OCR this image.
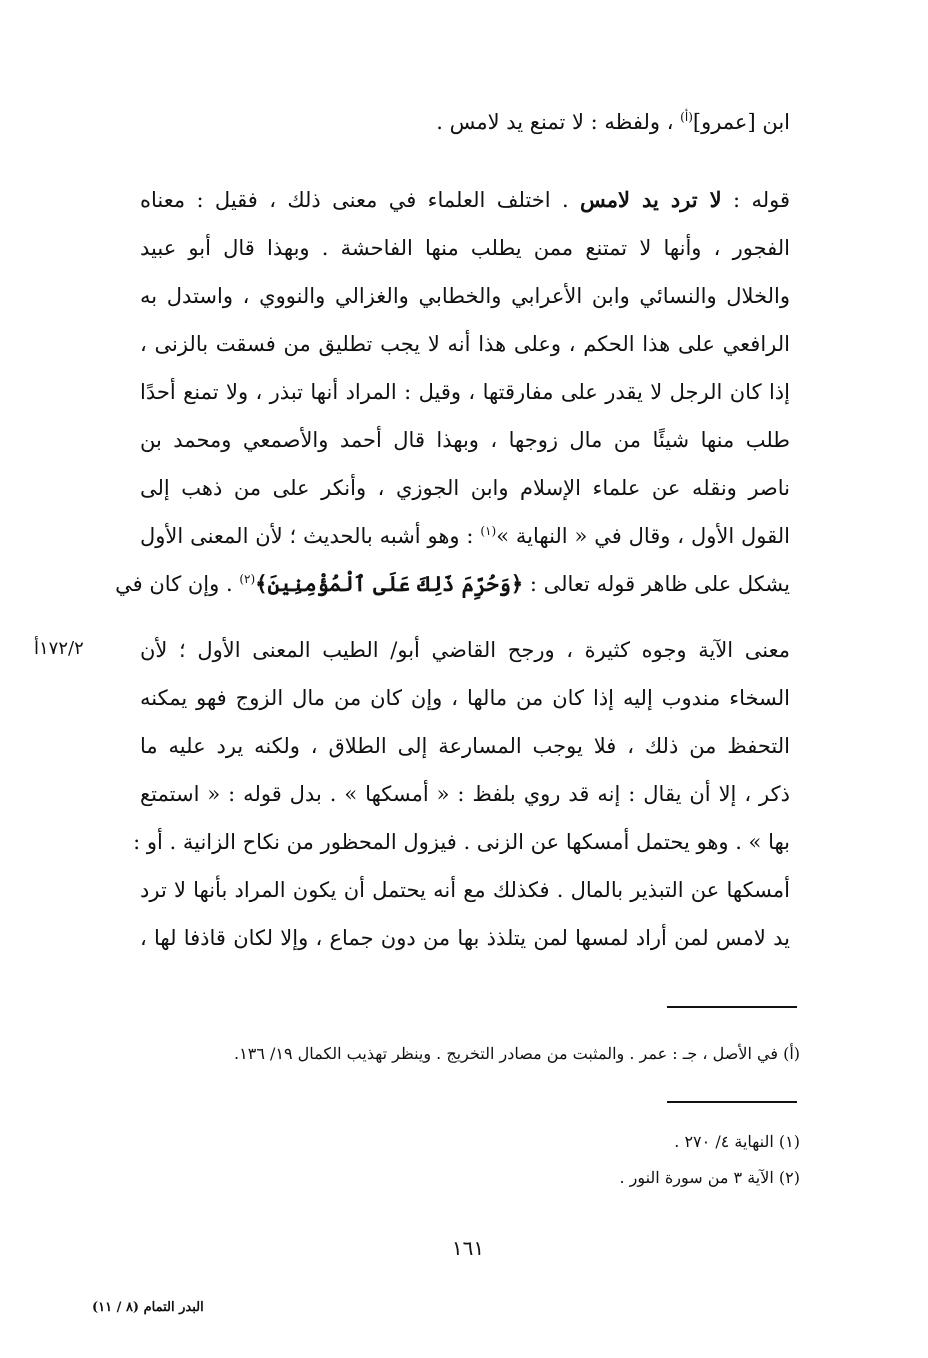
ابن [عمرو]$^{(أ)}$ ، ولفظه : لا تمنع يد لامس .
قوله : لا ترد يد لامس . اختلف العلماء في معنى ذلك ، فقيل : معناه
الفجور ، وأنها لا تمتنع ممن يطلب منها الفاحشة . وبهذا قال أبو عبيد
والخلال والنسائي وابن الأعرابي والخطابي والغزالي والنووي ، واستدل به
الرافعي على هذا الحكم ، وعلى هذا أنه لا يجب تطليق من فسقت بالزنى ،
إذا كان الرجل لا يقدر على مفارقتها ، وقيل : المراد أنها تبذر ، ولا تمنع أحدًا
طلب منها شيئًا من مال زوجها ، وبهذا قال أحمد والأصمعي ومحمد بن
ناصر ونقله عن علماء الإسلام وابن الجوزي ، وأنكر على من ذهب إلى
القول الأول ، وقال في « النهاية »$^{(١)}$ : وهو أشبه بالحديث ؛ لأن المعنى الأول
يشكل على ظاهر قوله تعالى : ﴿وَحُرِّمَ ذَلِكَ عَلَى ٱلْمُؤْمِنِينَ﴾$^{(٢)}$ . وإن كان في
معنى الآية وجوه كثيرة ، ورجح القاضي أبو/ الطيب المعنى الأول ؛ لأن
السخاء مندوب إليه إذا كان من مالها ، وإن كان من مال الزوج فهو يمكنه
التحفظ من ذلك ، فلا يوجب المسارعة إلى الطلاق ، ولكنه يرد عليه ما
ذكر ، إلا أن يقال : إنه قد روي بلفظ : « أمسكها » . بدل قوله : « استمتع
بها » . وهو يحتمل أمسكها عن الزنى . فيزول المحظور من نكاح الزانية . أو :
أمسكها عن التبذير بالمال . فكذلك مع أنه يحتمل أن يكون المراد بأنها لا ترد
يد لامس لمن أراد لمسها لمن يتلذذ بها من دون جماع ، وإلا لكان قاذفا لها ،
١٧٢/٢أ
(أ) في الأصل ، جـ : عمر . والمثبت من مصادر التخريج . وينظر تهذيب الكمال ١٩/ ١٣٦.
(١) النهاية ٤/ ٢٧٠ .
(٢) الآية ٣ من سورة النور .
١٦١
البدر التمام (٨ / ١١)
